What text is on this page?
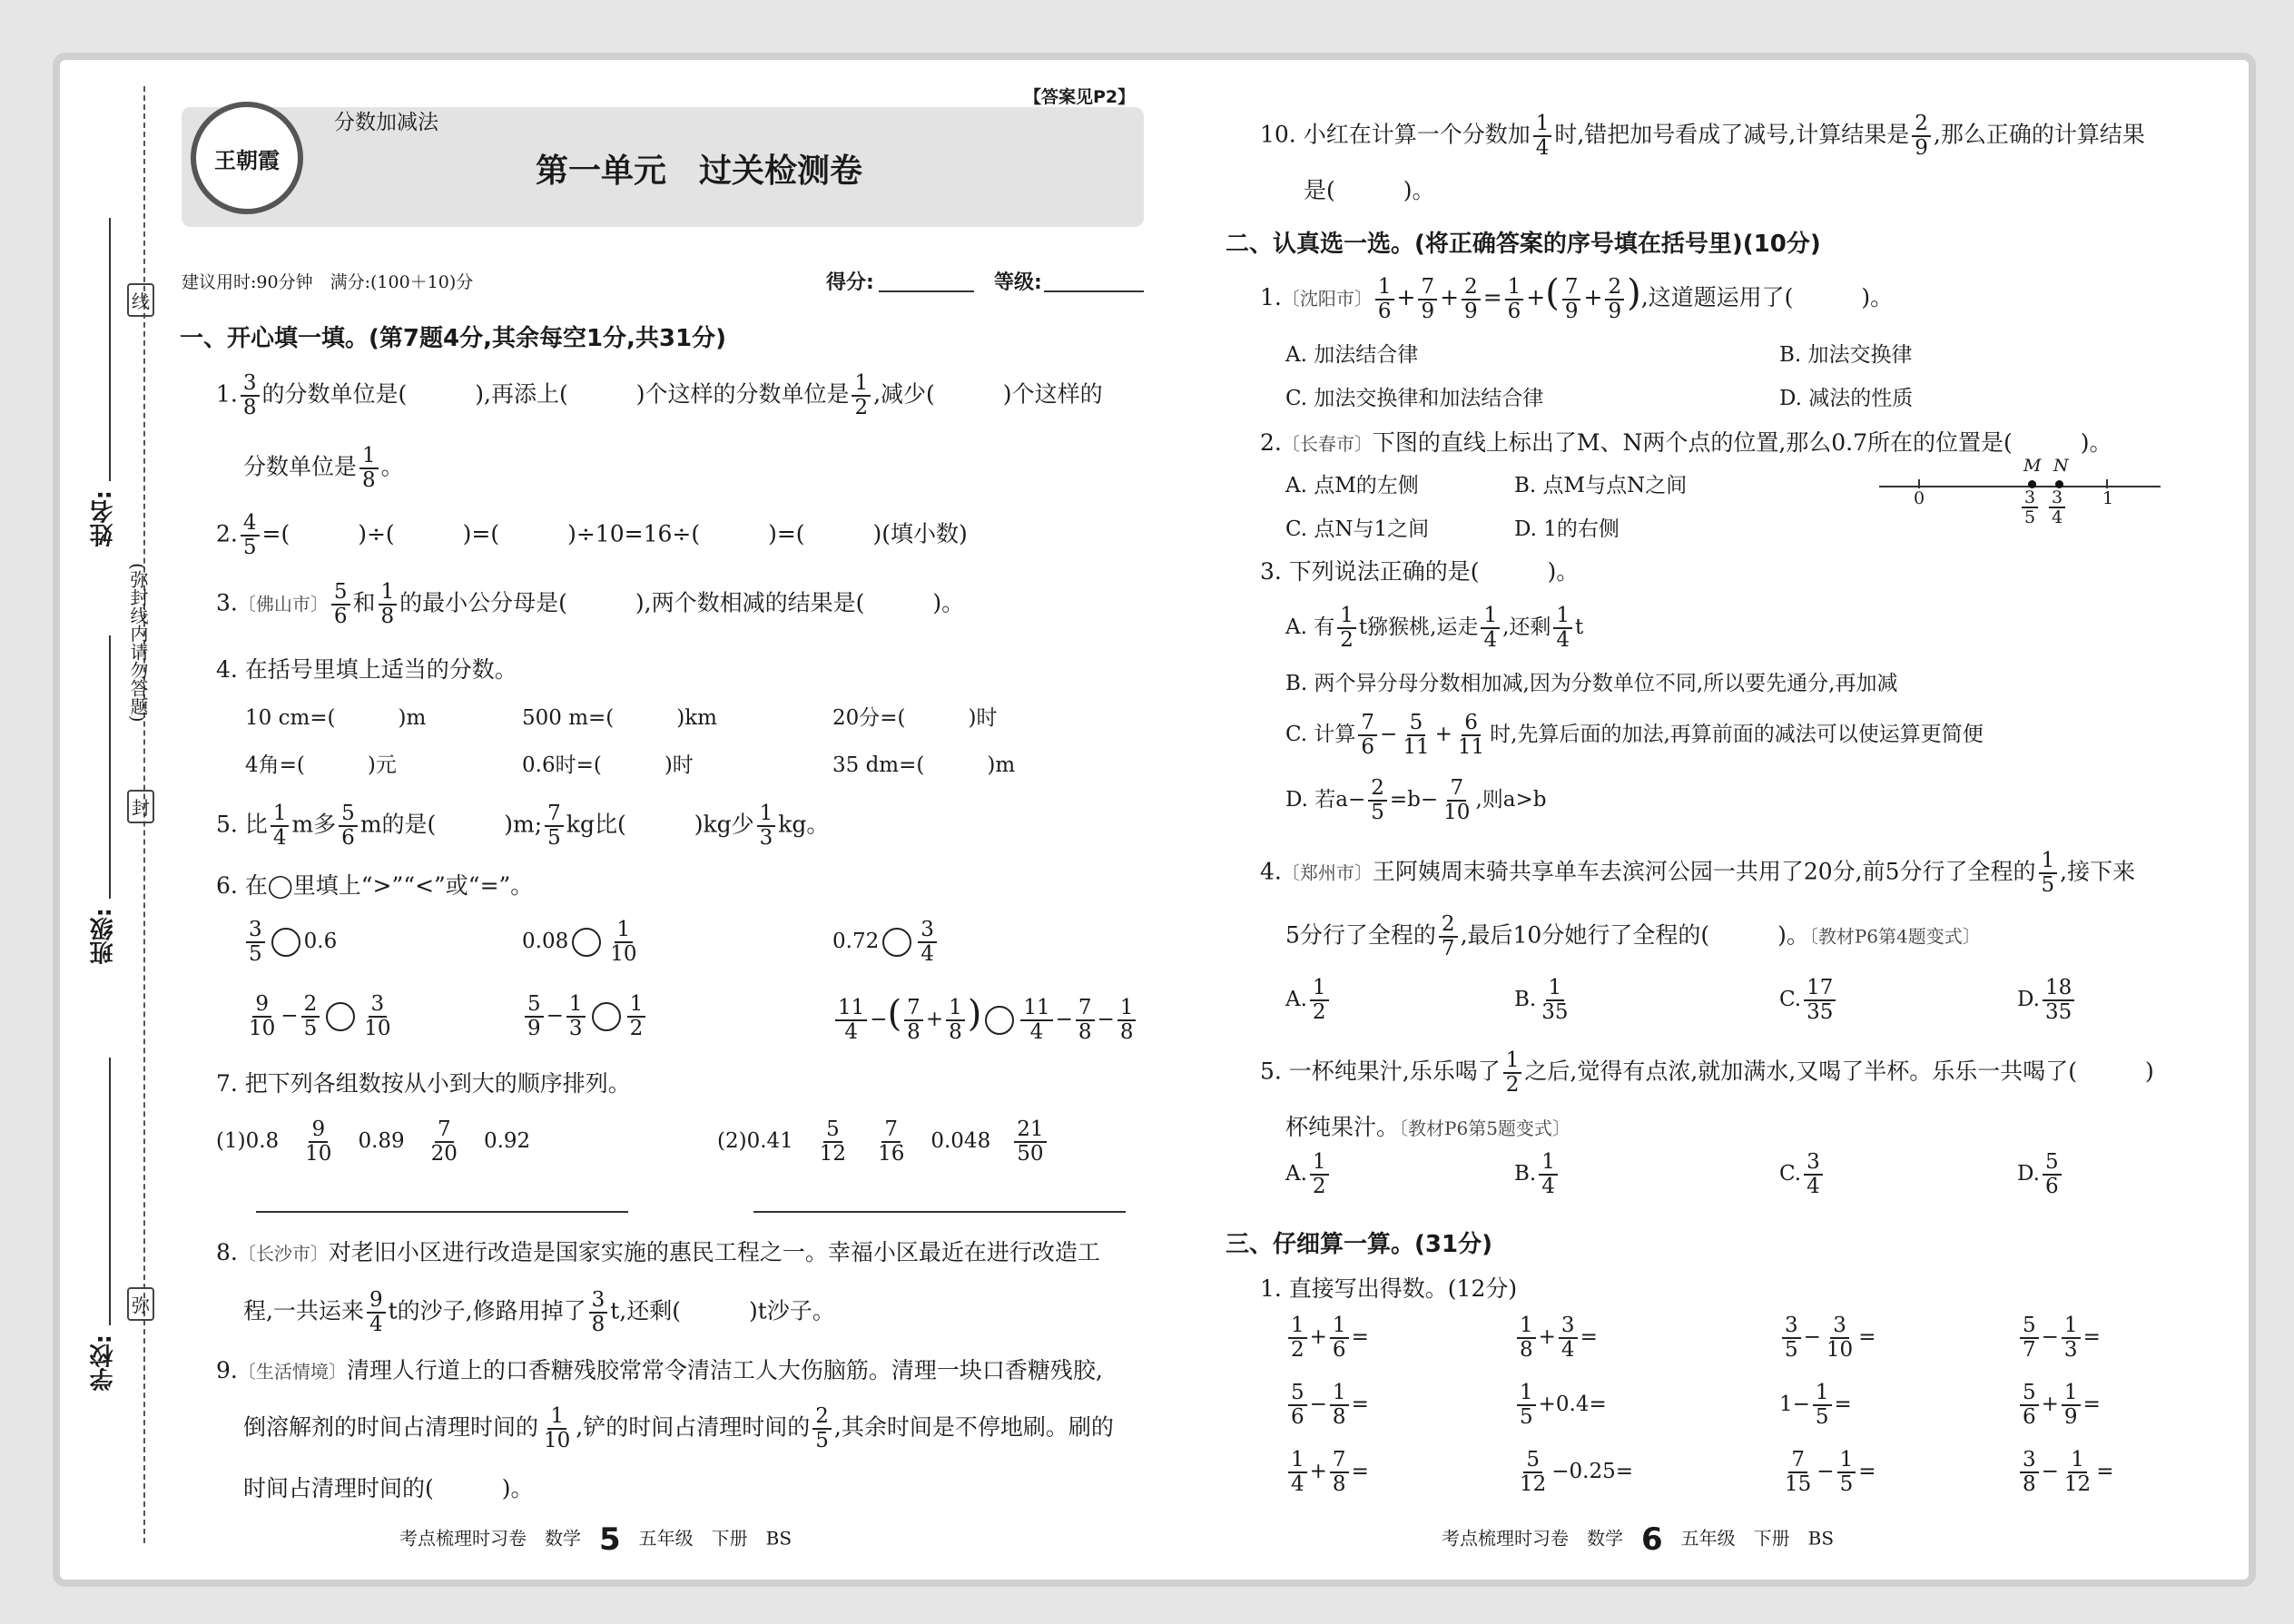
线
封
弥
(弥封线内请勿答题)
姓名:
班级:
学校:
王朝霞
分数加减法
【答案见P2】
第一单元　过关检测卷
建议用时:90分钟　满分:(100＋10)分	得分:	等级:
一、开心填一填。(第7题4分,其余每空1分,共31分)
1. $\frac{3}{8}$ 的分数单位是(　　　),再添上(　　　)个这样的分数单位是 $\frac{1}{2}$ ,减少(　　　)个这样的
分数单位是 $\frac{1}{8}$ 。
2. $\frac{4}{5}$ =(　　　)÷(　　　)=(　　　)÷10=16÷(　　　)=(　　　)(填小数)
3.〔佛山市〕 $\frac{5}{6}$ 和 $\frac{1}{8}$ 的最小公分母是(　　　),两个数相减的结果是(　　　)。
4. 在括号里填上适当的分数。
10 cm=(　　　)m	500 m=(　　　)km	20分=(　　　)时
4角=(　　　)元	0.6时=(　　　)时	35 dm=(　　　)m
5. 比 $\frac{1}{4}$ m多 $\frac{5}{6}$ m的是(　　　)m; $\frac{7}{5}$ kg比(　　　)kg少 $\frac{1}{3}$ kg。
6. 在◯里填上“>”“<”或“=”。
$\frac{3}{5} 0.6$	$0.08 \frac{1}{10}$	$0.72 \frac{3}{4}$
$\frac{9}{10} - \frac{2}{5} \frac{3}{10}$	$\frac{5}{9} - \frac{1}{3} \frac{1}{2}$	$\frac{11}{4}$ −( $\frac{7}{8} + \frac{1}{8}$ ) $\frac{11}{4} - \frac{7}{8} - \frac{1}{8}$
7. 把下列各组数按从小到大的顺序排列。
(1)0.8　 $\frac{9}{10}$
　 0.89　 $\frac{7}{20}$
　 0.92	(2)0.41　 $\frac{5}{12}$
　 $\frac{7}{16}$
　 0.048　 $\frac{21}{50}$
8.〔长沙市〕对老旧小区进行改造是国家实施的惠民工程之一。幸福小区最近在进行改造工
程,一共运来 $\frac{9}{4}$ t的沙子,修路用掉了 $\frac{3}{8} t$,还剩(　　　)t沙子。
9.〔生活情境〕清理人行道上的口香糖残胶常常令清洁工人大伤脑筋。清理一块口香糖残胶,
倒溶解剂的时间占清理时间的 $\frac{1}{10}$ ,铲的时间占清理时间的 $\frac{2}{5}$ ,其余时间是不停地刷。刷的
时间占清理时间的(　　　)。
考点梳理时习卷　数学　 5　 五年级　下册　BS
10. 小红在计算一个分数加 $\frac{1}{4}$ 时,错把加号看成了减号,计算结果是 $\frac{2}{9}$ ,那么正确的计算结果
是(　　　)。
二、认真选一选。(将正确答案的序号填在括号里)(10分)
1.〔沈阳市〕 $\frac{1}{6} + \frac{7}{9} + \frac{2}{9} = \frac{1}{6}$ +( $\frac{7}{9} + \frac{2}{9}$ ),这道题运用了(　　　)。
A. 加法结合律	B. 加法交换律
C. 加法交换律和加法结合律	D. 减法的性质
2.〔长春市〕下图的直线上标出了M、N两个点的位置,那么0.7所在的位置是(　　　)。
A. 点M的左侧	B. 点M与点N之间
C. 点N与1之间	D. 1的右侧
M N
0	1
$\frac{3}{5} \frac{3}{4}$
3. 下列说法正确的是(　　　)。
A. 有 $\frac{1}{2}$ t猕猴桃,运走 $\frac{1}{4}$ ,还剩 $\frac{1}{4}$ t
B. 两个异分母分数相加减,因为分数单位不同,所以要先通分,再加减
C. 计算 $\frac{7}{6} - \frac{5}{11} + \frac{6}{11}$ 时,先算后面的加法,再算前面的减法可以使运算更简便
D. 若$a- \frac{2}{5} =b- \frac{7}{10}$ ,则a>b
4.〔郑州市〕王阿姨周末骑共享单车去滨河公园一共用了20分,前5分行了全程的 $\frac{1}{5}$ ,接下来
5分行了全程的 $\frac{2}{7}$ ,最后10分她行了全程的(　　　)。〔教材P6第4题变式〕
A. $\frac{1}{2}$	B. $\frac{1}{35}$	C. $\frac{17}{35}$	D. $\frac{18}{35}$
5. 一杯纯果汁,乐乐喝了 $\frac{1}{2}$ 之后,觉得有点浓,就加满水,又喝了半杯。乐乐一共喝了(　　　)
杯纯果汁。〔教材P6第5题变式〕
A. $\frac{1}{2}$	B. $\frac{1}{4}$	C. $\frac{3}{4}$	D. $\frac{5}{6}$
三、仔细算一算。(31分)
1. 直接写出得数。(12分)
$\frac{1}{2} + \frac{1}{6}$ =	$\frac{1}{8} + \frac{3}{4}$ =	$\frac{3}{5} - \frac{3}{10}$ =	$\frac{5}{7} - \frac{1}{3}$ =
$\frac{5}{6} - \frac{1}{8}$ =	$\frac{1}{5} +0.4=$	$1- \frac{1}{5}$ =	$\frac{5}{6} + \frac{1}{9}$ =
$\frac{1}{4} + \frac{7}{8}$ =	$\frac{5}{12} -0.25=$	$\frac{7}{15} - \frac{1}{5}$ =	$\frac{3}{8} - \frac{1}{12}$ =
考点梳理时习卷　数学　 6　 五年级　下册　BS
